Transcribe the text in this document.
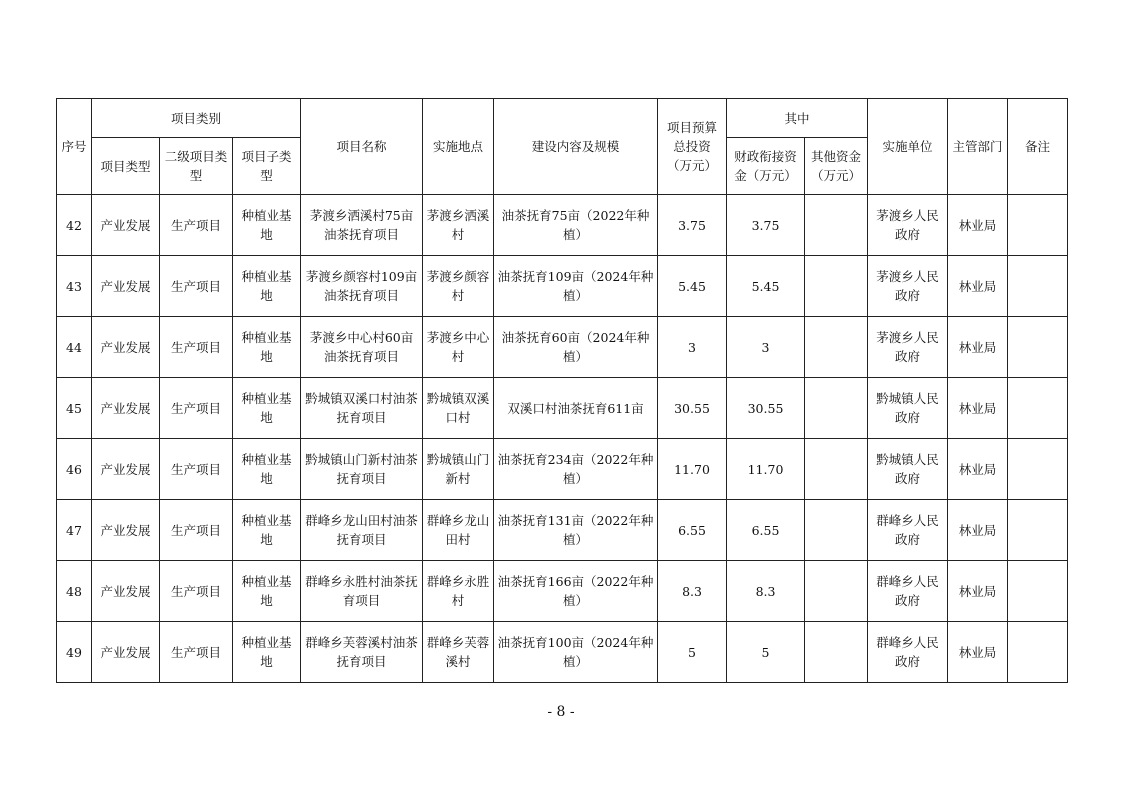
序号	项目类别			项目名称	实施地点	建设内容及规模	项目预算总投资（万元）	其中		实施单位	主管部门	备注
	项目类型	二级项目类型	项目子类型					财政衔接资金（万元）	其他资金（万元）			
42	产业发展	生产项目	种植业基地	茅渡乡洒溪村75亩油茶抚育项目	茅渡乡洒溪村	油茶抚育75亩（2022年种植）	3.75	3.75		茅渡乡人民政府	林业局	
43	产业发展	生产项目	种植业基地	茅渡乡颜容村109亩油茶抚育项目	茅渡乡颜容村	油茶抚育109亩（2024年种植）	5.45	5.45		茅渡乡人民政府	林业局	
44	产业发展	生产项目	种植业基地	茅渡乡中心村60亩油茶抚育项目	茅渡乡中心村	油茶抚育60亩（2024年种植）	3	3		茅渡乡人民政府	林业局	
45	产业发展	生产项目	种植业基地	黔城镇双溪口村油茶抚育项目	黔城镇双溪口村	双溪口村油茶抚育611亩	30.55	30.55		黔城镇人民政府	林业局	
46	产业发展	生产项目	种植业基地	黔城镇山门新村油茶抚育项目	黔城镇山门新村	油茶抚育234亩（2022年种植）	11.70	11.70		黔城镇人民政府	林业局	
47	产业发展	生产项目	种植业基地	群峰乡龙山田村油茶抚育项目	群峰乡龙山田村	油茶抚育131亩（2022年种植）	6.55	6.55		群峰乡人民政府	林业局	
48	产业发展	生产项目	种植业基地	群峰乡永胜村油茶抚育项目	群峰乡永胜村	油茶抚育166亩（2022年种植）	8.3	8.3		群峰乡人民政府	林业局	
49	产业发展	生产项目	种植业基地	群峰乡芙蓉溪村油茶抚育项目	群峰乡芙蓉溪村	油茶抚育100亩（2024年种植）	5	5		群峰乡人民政府	林业局	
- 8 -
